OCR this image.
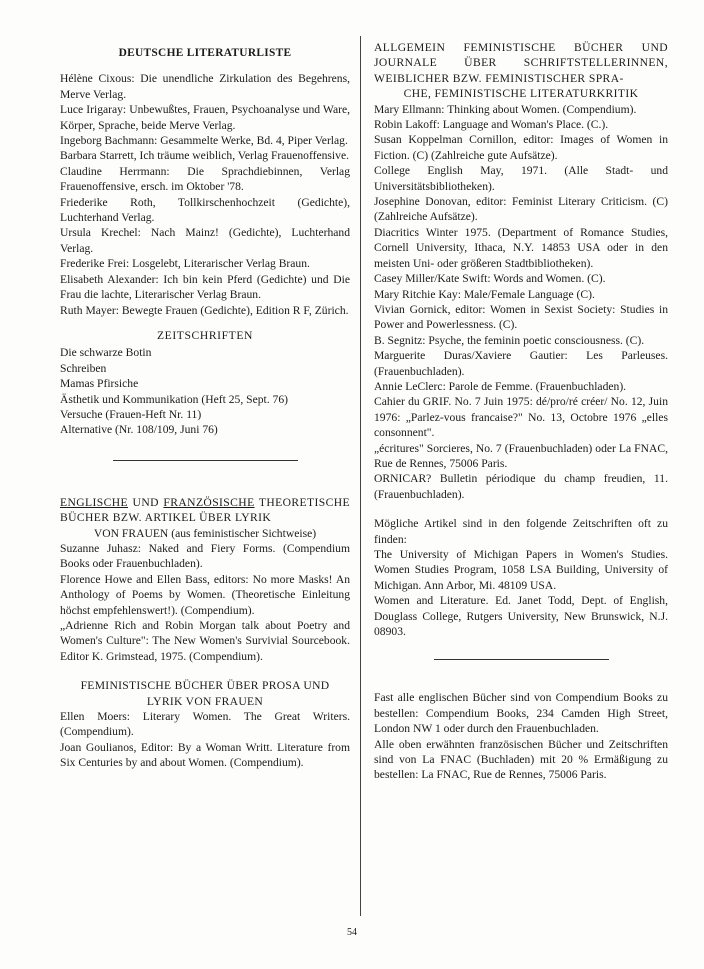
DEUTSCHE LITERATURLISTE

Hélène Cixous: Die unendliche Zirkulation des Begehrens, Merve Verlag.

Luce Irigaray: Unbewußtes, Frauen, Psychoanalyse und Ware, Körper, Sprache, beide Merve Verlag.

Ingeborg Bachmann: Gesammelte Werke, Bd. 4, Piper Verlag.

Barbara Starrett, Ich träume weiblich, Verlag Frauenoffensive.

Claudine Herrmann: Die Sprachdiebinnen, Verlag Frauenoffensive, ersch. im Oktober '78.

Friederike Roth, Tollkirschenhochzeit (Gedichte), Luchterhand Verlag.

Ursula Krechel: Nach Mainz! (Gedichte), Luchterhand Verlag.

Frederike Frei: Losgelebt, Literarischer Verlag Braun.

Elisabeth Alexander: Ich bin kein Pferd (Gedichte) und Die Frau die lachte, Literarischer Verlag Braun.

Ruth Mayer: Bewegte Frauen (Gedichte), Edition R F, Zürich.

ZEITSCHRIFTEN

Die schwarze Botin

Schreiben

Mamas Pfirsiche

Ästhetik und Kommunikation (Heft 25, Sept. 76)

Versuche (Frauen-Heft Nr. 11)

Alternative (Nr. 108/109, Juni 76)

ENGLISCHE UND FRANZÖSISCHE THEORETISCHE BÜCHER BZW. ARTIKEL ÜBER LYRIK

VON FRAUEN (aus feministischer Sichtweise)

Suzanne Juhasz: Naked and Fiery Forms. (Compendium Books oder Frauenbuchladen).

Florence Howe and Ellen Bass, editors: No more Masks! An Anthology of Poems by Women. (Theoretische Einleitung höchst empfehlenswert!). (Compendium).

„Adrienne Rich and Robin Morgan talk about Poetry and Women's Culture": The New Women's Survivial Sourcebook. Editor K. Grimstead, 1975. (Compendium).

FEMINISTISCHE BÜCHER ÜBER PROSA UND
LYRIK VON FRAUEN

Ellen Moers: Literary Women. The Great Writers. (Compendium).

Joan Goulianos, Editor: By a Woman Writt. Literature from Six Centuries by and about Women. (Compendium).

ALLGEMEIN FEMINISTISCHE BÜCHER UND JOURNALE ÜBER SCHRIFTSTELLERINNEN, WEIBLICHER BZW. FEMINISTISCHER SPRA-

CHE, FEMINISTISCHE LITERATURKRITIK

Mary Ellmann: Thinking about Women. (Compendium).

Robin Lakoff: Language and Woman's Place. (C.).

Susan Koppelman Cornillon, editor: Images of Women in Fiction. (C) (Zahlreiche gute Aufsätze).

College English May, 1971. (Alle Stadt- und Universitätsbibliotheken).

Josephine Donovan, editor: Feminist Literary Criticism. (C) (Zahlreiche Aufsätze).

Diacritics Winter 1975. (Department of Romance Studies, Cornell University, Ithaca, N.Y. 14853 USA oder in den meisten Uni- oder größeren Stadtbibliotheken).

Casey Miller/Kate Swift: Words and Women. (C).

Mary Ritchie Kay: Male/Female Language (C).

Vivian Gornick, editor: Women in Sexist Society: Studies in Power and Powerlessness. (C).

B. Segnitz: Psyche, the feminin poetic consciousness. (C).

Marguerite Duras/Xaviere Gautier: Les Parleuses. (Frauenbuchladen).

Annie LeClerc: Parole de Femme. (Frauenbuchladen).

Cahier du GRIF. No. 7 Juin 1975: dé/pro/ré créer/ No. 12, Juin 1976: „Parlez-vous francaise?" No. 13, Octobre 1976 „elles consonnent".

„écritures" Sorcieres, No. 7 (Frauenbuchladen) oder La FNAC, Rue de Rennes, 75006 Paris.

ORNICAR? Bulletin périodique du champ freudien, 11. (Frauenbuchladen).

Mögliche Artikel sind in den folgende Zeitschriften oft zu finden:

The University of Michigan Papers in Women's Studies. Women Studies Program, 1058 LSA Building, University of Michigan. Ann Arbor, Mi. 48109 USA.

Women and Literature. Ed. Janet Todd, Dept. of English, Douglass College, Rutgers University, New Brunswick, N.J. 08903.

Fast alle englischen Bücher sind von Compendium Books zu bestellen: Compendium Books, 234 Camden High Street, London NW 1 oder durch den Frauenbuchladen.

Alle oben erwähnten französischen Bücher und Zeitschriften sind von La FNAC (Buchladen) mit 20 % Ermäßigung zu bestellen: La FNAC, Rue de Rennes, 75006 Paris.

54
